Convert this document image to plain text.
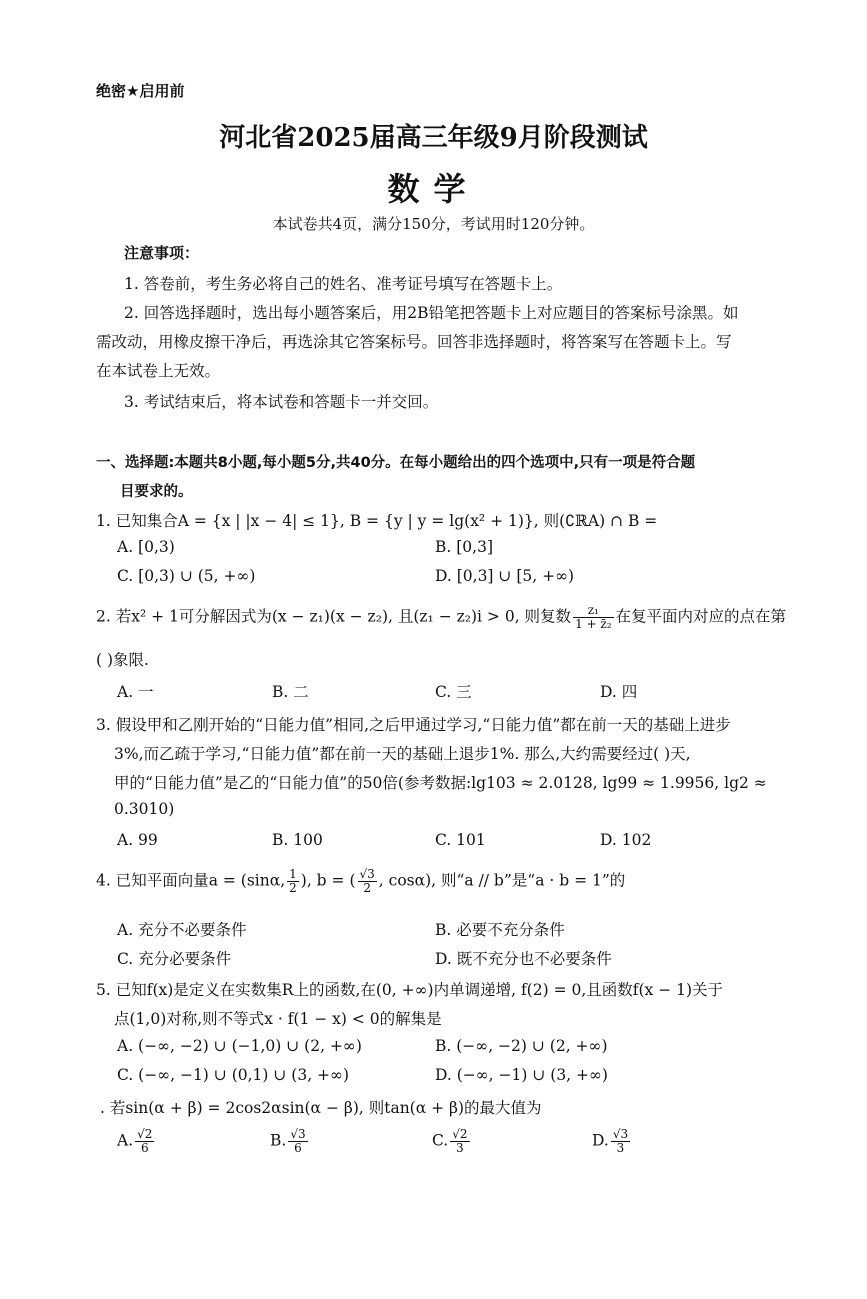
绝密★启用前
河北省2025届高三年级9月阶段测试
数学
本试卷共4页，满分150分，考试用时120分钟。
注意事项：
1. 答卷前，考生务必将自己的姓名、准考证号填写在答题卡上。
2. 回答选择题时，选出每小题答案后，用2B铅笔把答题卡上对应题目的答案标号涂黑。如
需改动，用橡皮擦干净后，再选涂其它答案标号。回答非选择题时，将答案写在答题卡上。写
在本试卷上无效。
3. 考试结束后，将本试卷和答题卡一并交回。
一、选择题:本题共8小题,每小题5分,共40分。在每小题给出的四个选项中,只有一项是符合题
目要求的。
1. 已知集合A = {x | |x − 4| ≤ 1}, B = {y | y = lg(x² + 1)}, 则(∁ℝA) ∩ B =
A. [0,3)	B. [0,3]
C. [0,3) ∪ (5, +∞)	D. [0,3] ∪ [5, +∞)
2. 若x² + 1可分解因式为(x − z₁)(x − z₂), 且(z₁ − z₂)i > 0, 则复数 $\frac{\text{z₁}}{\text{1 + z̄₂}}$ 在复平面内对应的点在第
( )象限.
A. 一	B. 二	C. 三	D. 四
3. 假设甲和乙刚开始的“日能力值”相同,之后甲通过学习,“日能力值”都在前一天的基础上进步
3%,而乙疏于学习,“日能力值”都在前一天的基础上退步1%. 那么,大约需要经过( )天,
甲的“日能力值”是乙的“日能力值”的50倍(参考数据:lg103 ≈ 2.0128, lg99 ≈ 1.9956, lg2 ≈
0.3010)
A. 99	B. 100	C. 101	D. 102
4. 已知平面向量a = (sinα, $\frac{1}{2}$ ), b = ( $\frac{√3}{2}$ , cosα), 则“a // b”是“a · b = 1”的
A. 充分不必要条件	B. 必要不充分条件
C. 充分必要条件	D. 既不充分也不必要条件
5. 已知f(x)是定义在实数集R上的函数,在(0, +∞)内单调递增, f(2) = 0,且函数f(x − 1)关于
点(1,0)对称,则不等式x · f(1 − x) < 0的解集是
A. (−∞, −2) ∪ (−1,0) ∪ (2, +∞)	B. (−∞, −2) ∪ (2, +∞)
C. (−∞, −1) ∪ (0,1) ∪ (3, +∞)	D. (−∞, −1) ∪ (3, +∞)
. 若sin(α + β) = 2cos2αsin(α − β), 则tan(α + β)的最大值为
A. $\frac{√2}{6}$	B. $\frac{√3}{6}$	C. $\frac{√2}{3}$	D. $\frac{√3}{3}$
